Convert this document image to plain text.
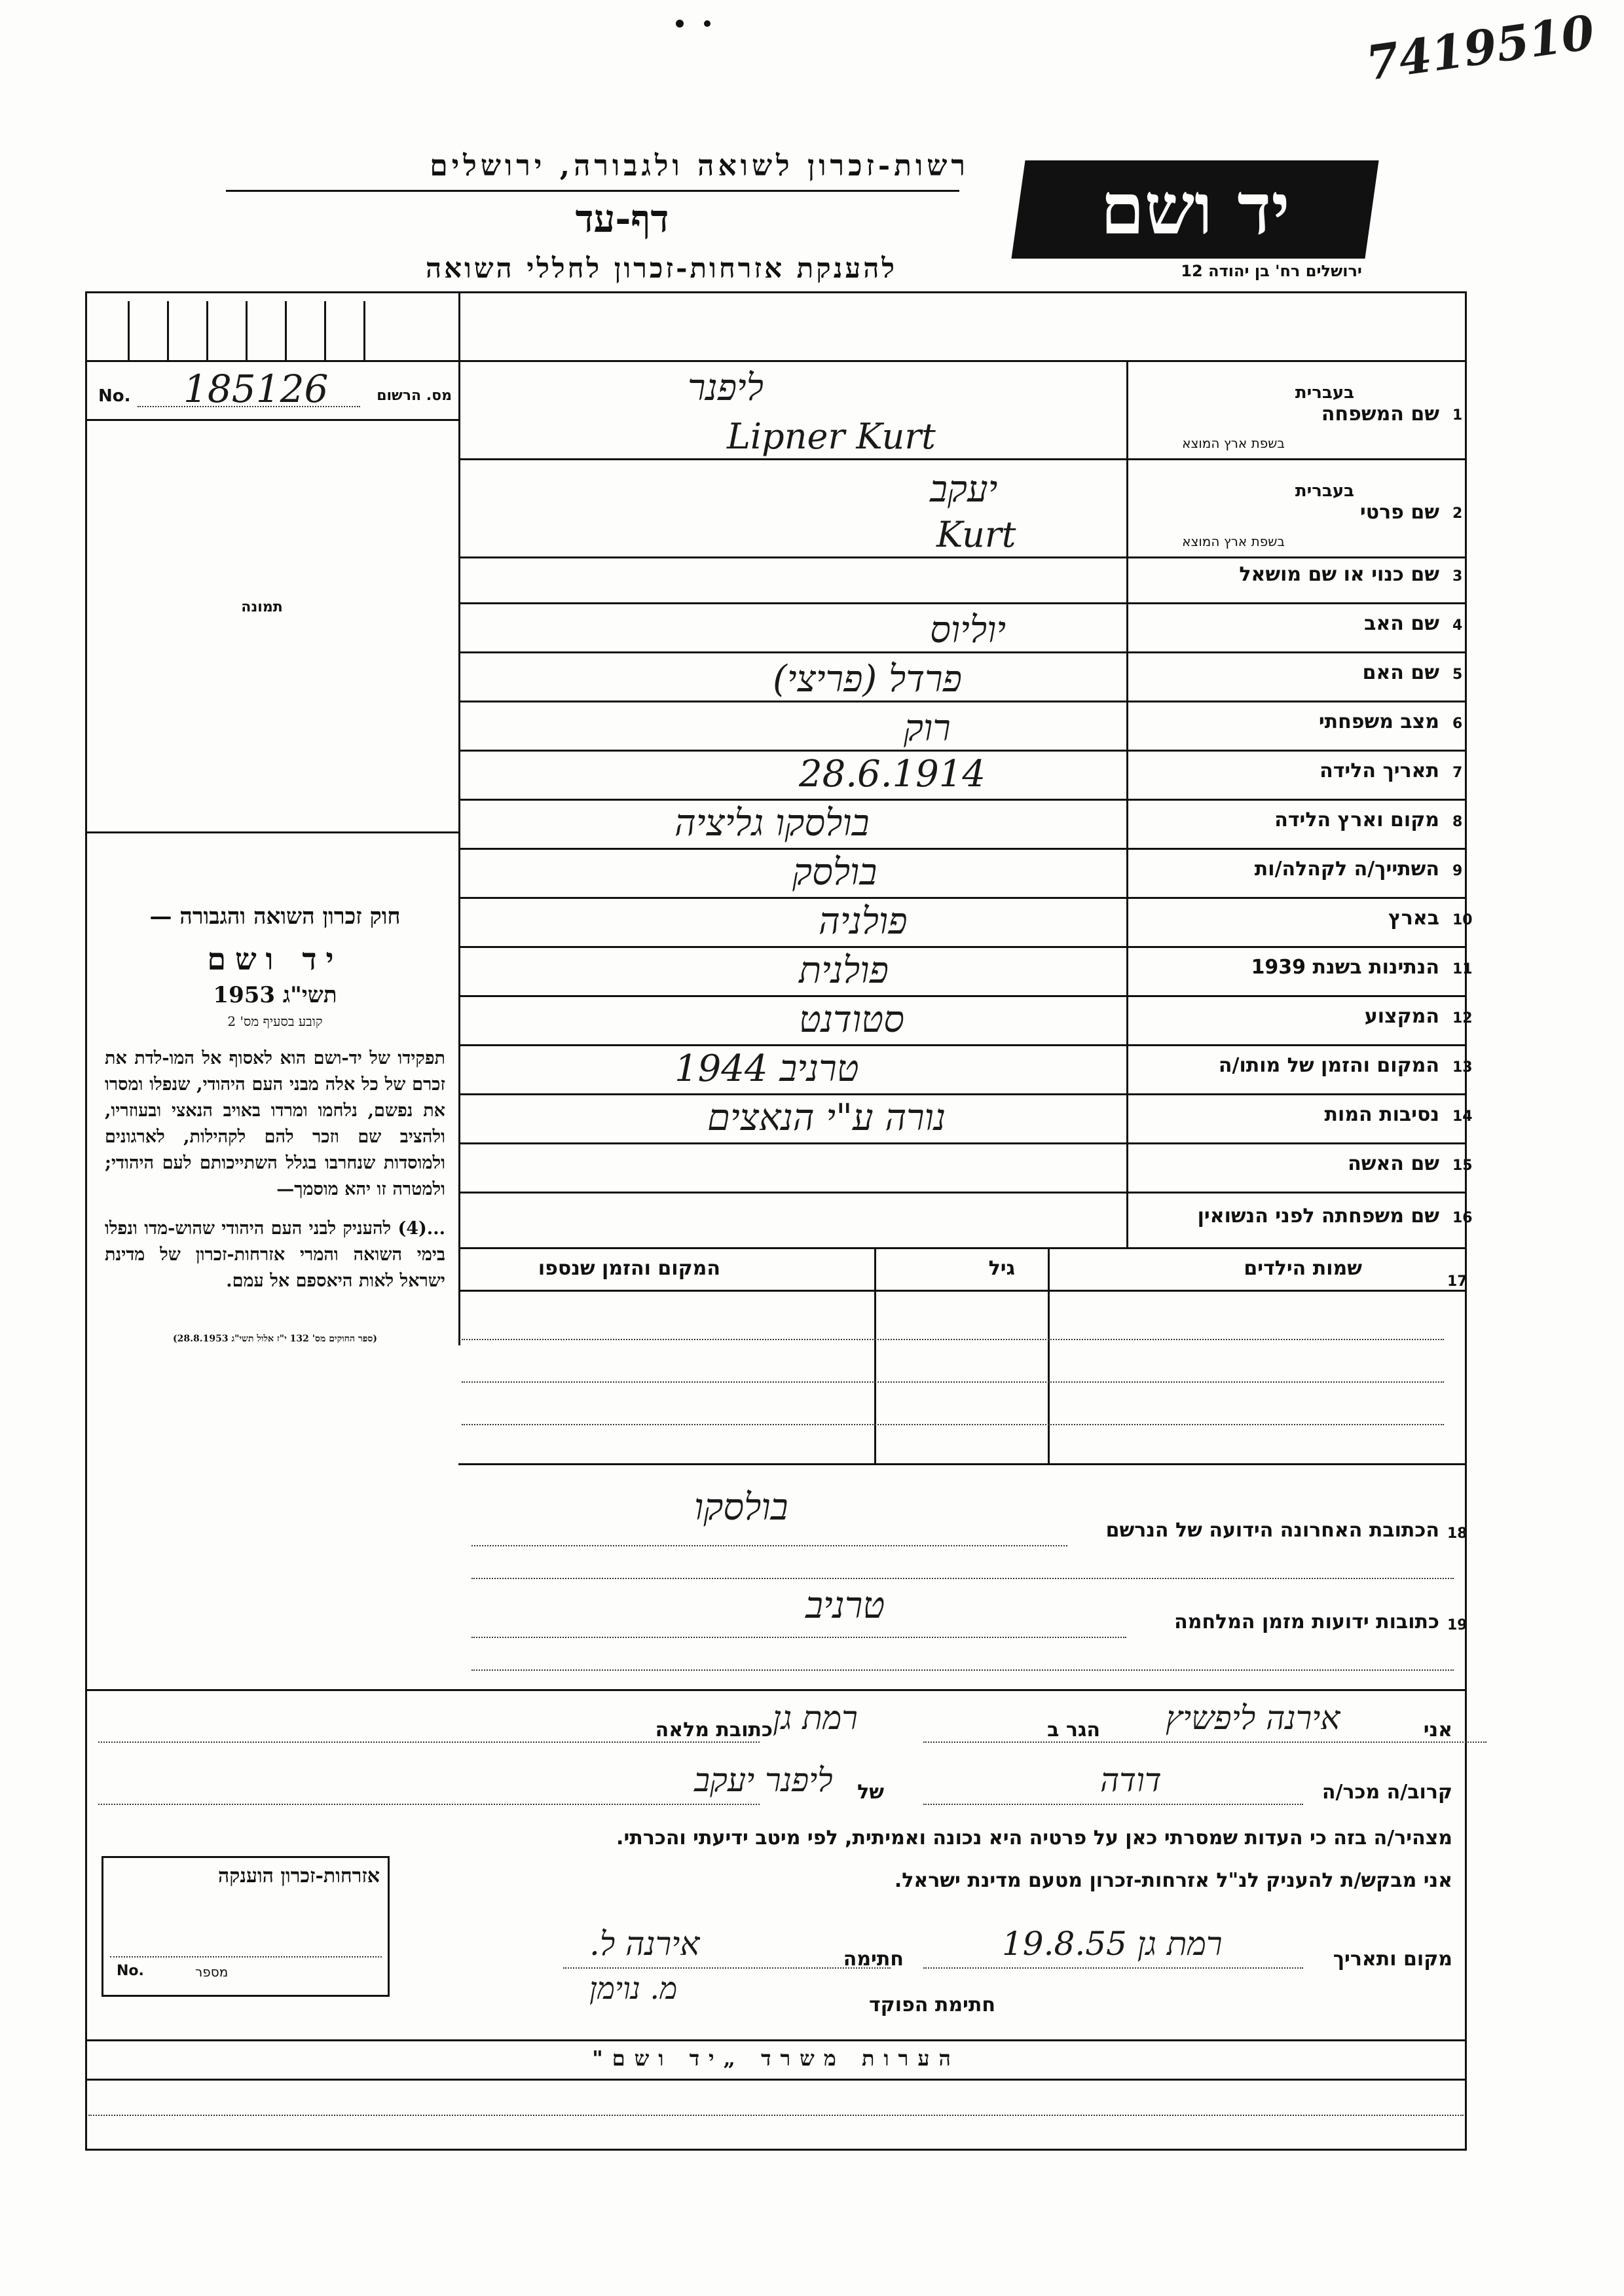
7419510
רשות-זכרון לשואה ולגבורה, ירושלים
דף-עד
להענקת אזרחות-זכרון לחללי השואה
יד ושם
ירושלים רח' בן יהודה 12
No. 185126	מס. הרשום
תמונה
חוק זכרון השואה והגבורה —
יד ושם
תשי"ג 1953
קובע בסעיף מס' 2
תפקידו של יד-ושם הוא לאסוף אל המו-לדת את זכרם של כל אלה מבני העם היהודי, שנפלו ומסרו את נפשם, נלחמו ומרדו באויב הנאצי ובעוזריו, ולהציב שם וזכר להם לקהילות, לארגונים ולמוסדות שנחרבו בגלל השתייכותם לעם היהודי; ולמטרה זו יהא מוסמך—
...(4) להעניק לבני העם היהודי שהוש-מדו ונפלו בימי השואה והמרי אזרחות-זכרון של מדינת ישראל לאות היאספם אל עמם.
(ספר החוקים מס' 132 י"ז אלול תשי"ג 28.8.1953)
1
שם המשפחה
בעברית
בשפת ארץ המוצא
ליפנר
Lipner Kurt
2
שם פרטי
בעברית
בשפת ארץ המוצא
יעקב
Kurt
3
שם כנוי או שם מושאל
4
שם האב
יוליוס
5
שם האם
פרדל (פריצי)
6
מצב משפחתי
רוק
7
תאריך הלידה
28.6.1914
8
מקום וארץ הלידה
בולסקו גליציה
9
השתייך/ה לקהלה/ות
בולסק
10
בארץ
פולניה
11
הנתינות בשנת 1939
פולנית
12
המקצוע
סטודנט
13
המקום והזמן של מותו/ה
טרניב 1944
14
נסיבות המות
נורה ע"י הנאצים
15
שם האשה
16
שם משפחתה לפני הנשואין
17
שמות הילדים
גיל
המקום והזמן שנספו
18
הכתובת האחרונה הידועה של הנרשם
בולסקו
19
כתובות ידועות מזמן המלחמה
טרניב
אני
אירנה ליפשיץ
הגר ב
רמת גן
כתובת מלאה
קרוב/ה מכר/ה
דודה
של
ליפנר יעקב
מצהיר/ה בזה כי העדות שמסרתי כאן על פרטיה היא נכונה ואמיתית, לפי מיטב ידיעתי והכרתי.
אני מבקש/ת להעניק לנ"ל אזרחות-זכרון מטעם מדינת ישראל.
מקום ותאריך
רמת גן 19.8.55
חתימה
אירנה ל.
חתימת הפוקד
מ. נוימן
אזרחות-זכרון הוענקה
No.	מספר
הערות משרד „יד ושם"
